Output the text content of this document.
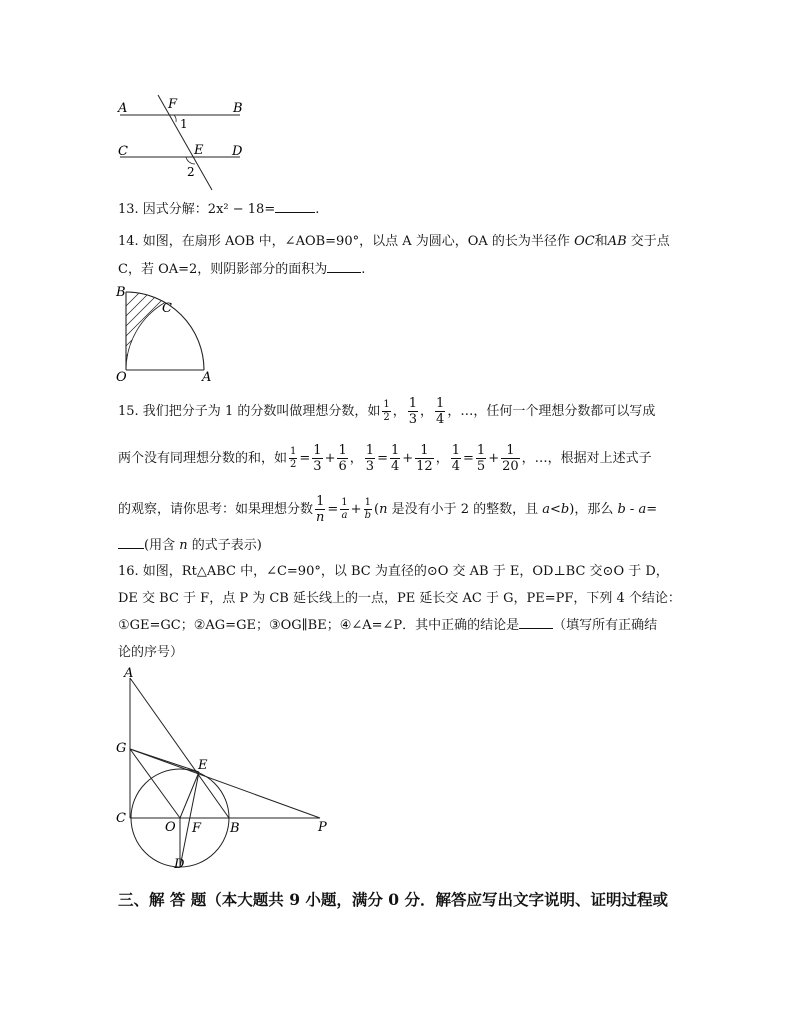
A	F	B
1
C	E D
2
13. 因式分解：2x² − 18=	.
14. 如图，在扇形 AOB 中，∠AOB=90°，以点 A 为圆心，OA 的长为半径作 OC和AB 交于点
C，若 OA=2，则阴影部分的面积为	.
B
C
O	A
15. 我们把分子为 1 的分数叫做理想分数，如 $\frac{1}{2}$ ， $\frac{1}{3}$ ， $\frac{1}{4}$ ，…，任何一个理想分数都可以写成
两个没有同理想分数的和，如 $\frac{1}{2} = \frac{1}{3} + \frac{1}{6}$ ， $\frac{1}{3} = \frac{1}{4} + \frac{1}{12}$ ， $\frac{1}{4} = \frac{1}{5} + \frac{1}{20}$ ，…，根据对上述式子
的观察，请你思考：如果理想分数 $\frac{1}{n} = \frac{1}{a} + \frac{1}{b} (n$ 是没有小于 2 的整数，且 a<b)，那么 b - a=
(用含 n 的式子表示)
16. 如图，Rt△ABC 中，∠C=90°，以 BC 为直径的⊙O 交 AB 于 E，OD⊥BC 交⊙O 于 D，
DE 交 BC 于 F，点 P 为 CB 延长线上的一点，PE 延长交 AC 于 G，PE=PF，下列 4 个结论：
①GE=GC；②AG=GE；③OG∥BE；④∠A=∠P．其中正确的结论是	（填写所有正确结
论的序号）
A
G
E
C
O F B	P
D
三、解 答 题（本大题共 9 小题，满分 0 分．解答应写出文字说明、证明过程或
